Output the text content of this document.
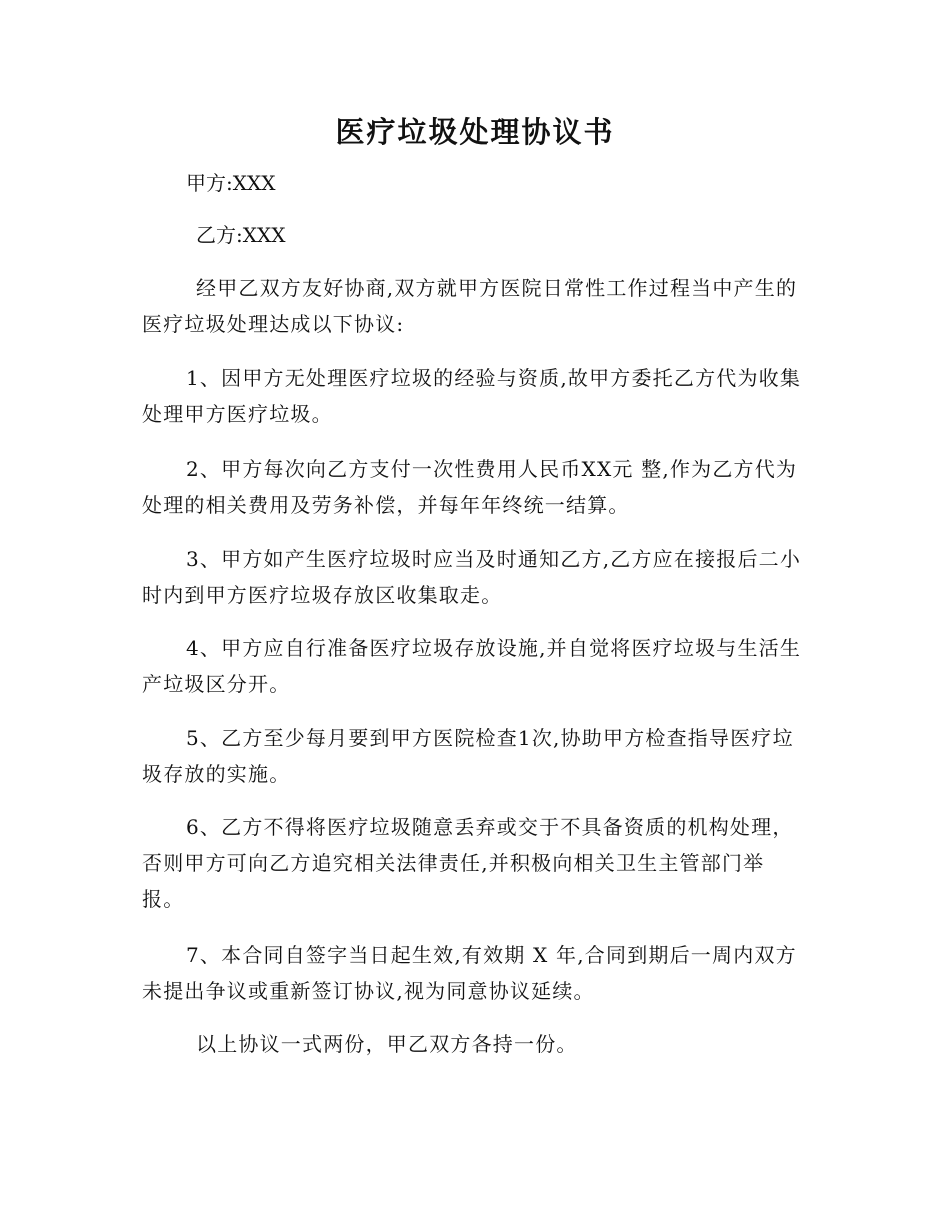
医疗垃圾处理协议书
甲方:XXX
乙方:XXX
经甲乙双方友好协商,双方就甲方医院日常性工作过程当中产生的医疗垃圾处理达成以下协议:
1、因甲方无处理医疗垃圾的经验与资质,故甲方委托乙方代为收集处理甲方医疗垃圾。
2、甲方每次向乙方支付一次性费用人民币XX元 整,作为乙方代为处理的相关费用及劳务补偿，并每年年终统一结算。
3、甲方如产生医疗垃圾时应当及时通知乙方,乙方应在接报后二小时内到甲方医疗垃圾存放区收集取走。
4、甲方应自行准备医疗垃圾存放设施,并自觉将医疗垃圾与生活生产垃圾区分开。
5、乙方至少每月要到甲方医院检查1次,协助甲方检查指导医疗垃圾存放的实施。
6、乙方不得将医疗垃圾随意丢弃或交于不具备资质的机构处理，否则甲方可向乙方追究相关法律责任,并积极向相关卫生主管部门举报。
7、本合同自签字当日起生效,有效期 X 年,合同到期后一周内双方未提出争议或重新签订协议,视为同意协议延续。
以上协议一式两份，甲乙双方各持一份。
